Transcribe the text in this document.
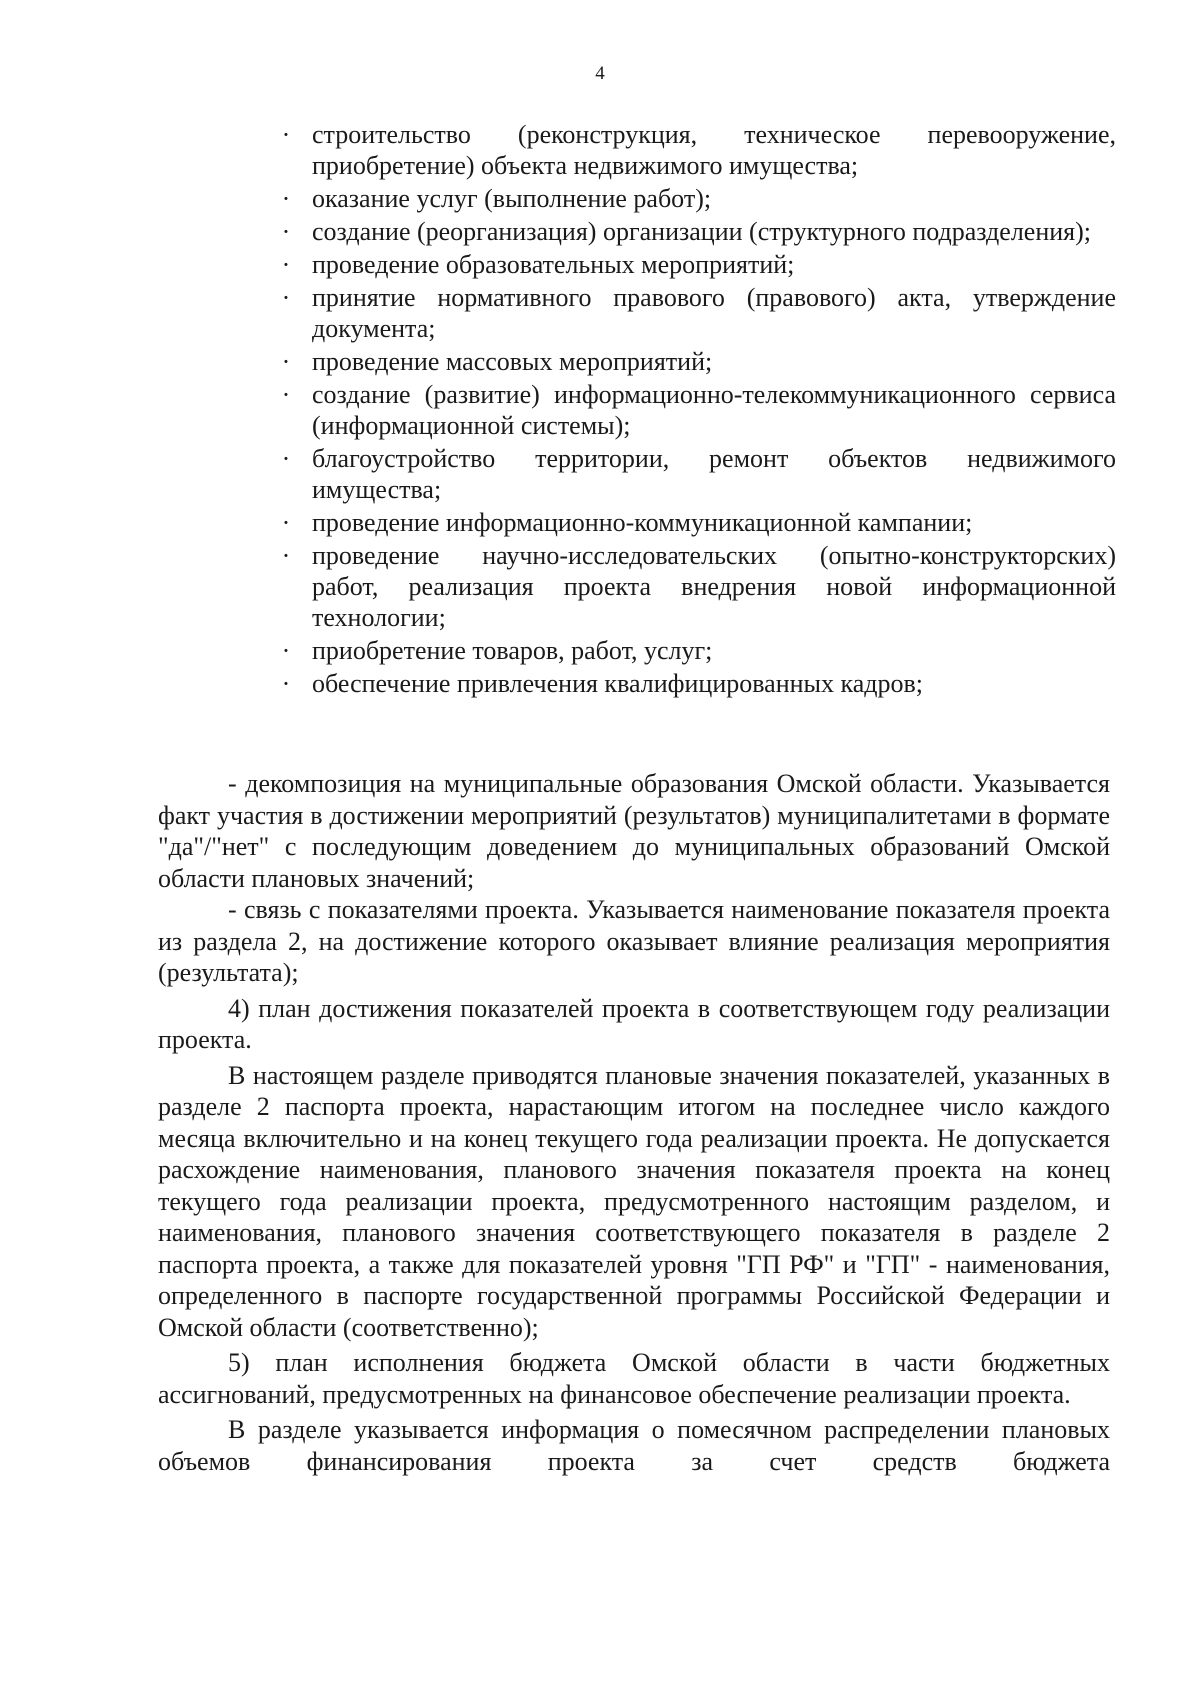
4
· строительство (реконструкция, техническое перевооружение, приобретение) объекта недвижимого имущества;
· оказание услуг (выполнение работ);
· создание (реорганизация) организации (структурного подразделения);
· проведение образовательных мероприятий;
· принятие нормативного правового (правового) акта, утверждение документа;
· проведение массовых мероприятий;
· создание (развитие) информационно-телекоммуникационного сервиса (информационной системы);
· благоустройство территории, ремонт объектов недвижимого имущества;
· проведение информационно-коммуникационной кампании;
· проведение научно-исследовательских (опытно-конструкторских) работ, реализация проекта внедрения новой информационной технологии;
· приобретение товаров, работ, услуг;
· обеспечение привлечения квалифицированных кадров;

- декомпозиция на муниципальные образования Омской области. Указывается факт участия в достижении мероприятий (результатов) муниципалитетами в формате "да"/"нет" с последующим доведением до муниципальных образований Омской области плановых значений;

- связь с показателями проекта. Указывается наименование показателя проекта из раздела 2, на достижение которого оказывает влияние реализация мероприятия (результата);

4) план достижения показателей проекта в соответствующем году реализации проекта.

В настоящем разделе приводятся плановые значения показателей, указанных в разделе 2 паспорта проекта, нарастающим итогом на последнее число каждого месяца включительно и на конец текущего года реализации проекта. Не допускается расхождение наименования, планового значения показателя проекта на конец текущего года реализации проекта, предусмотренного настоящим разделом, и наименования, планового значения соответствующего показателя в разделе 2 паспорта проекта, а также для показателей уровня "ГП РФ" и "ГП" - наименования, определенного в паспорте государственной программы Российской Федерации и Омской области (соответственно);

5) план исполнения бюджета Омской области в части бюджетных ассигнований, предусмотренных на финансовое обеспечение реализации проекта.

В разделе указывается информация о помесячном распределении плановых объемов финансирования проекта за счет средств бюджета
